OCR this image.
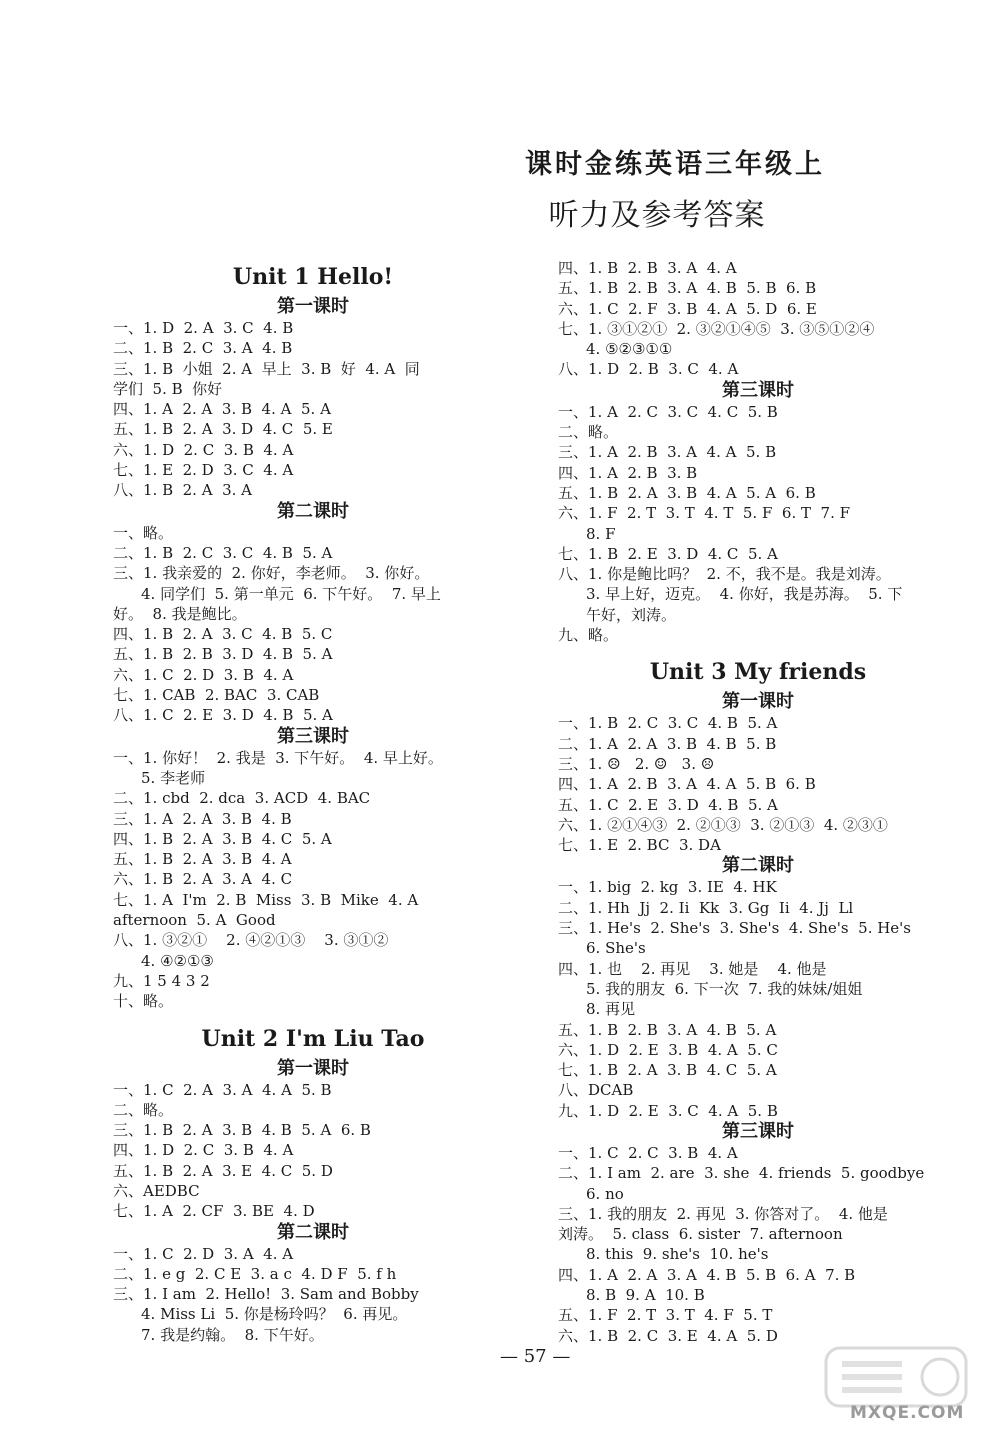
课时金练英语三年级上
听力及参考答案
Unit 1 Hello!
第一课时
一、1. D  2. A  3. C  4. B
二、1. B  2. C  3. A  4. B
三、1. B  小姐  2. A  早上  3. B  好  4. A  同
学们  5. B  你好
四、1. A  2. A  3. B  4. A  5. A
五、1. B  2. A  3. D  4. C  5. E
六、1. D  2. C  3. B  4. A
七、1. E  2. D  3. C  4. A
八、1. B  2. A  3. A
第二课时
一、略。
二、1. B  2. C  3. C  4. B  5. A
三、1. 我亲爱的  2. 你好，李老师。  3. 你好。
4. 同学们  5. 第一单元  6. 下午好。  7. 早上
好。  8. 我是鲍比。
四、1. B  2. A  3. C  4. B  5. C
五、1. B  2. B  3. D  4. B  5. A
六、1. C  2. D  3. B  4. A
七、1. CAB  2. BAC  3. CAB
八、1. C  2. E  3. D  4. B  5. A
第三课时
一、1. 你好！  2. 我是  3. 下午好。  4. 早上好。
5. 李老师
二、1. cbd  2. dca  3. ACD  4. BAC
三、1. A  2. A  3. B  4. B
四、1. B  2. A  3. B  4. C  5. A
五、1. B  2. A  3. B  4. A
六、1. B  2. A  3. A  4. C
七、1. A  I'm  2. B  Miss  3. B  Mike  4. A
afternoon  5. A  Good
八、1. ③②①    2. ④②①③    3. ③①②
4. ④②①③
九、1 5 4 3 2
十、略。
Unit 2 I'm Liu Tao
第一课时
一、1. C  2. A  3. A  4. A  5. B
二、略。
三、1. B  2. A  3. B  4. B  5. A  6. B
四、1. D  2. C  3. B  4. A
五、1. B  2. A  3. E  4. C  5. D
六、AEDBC
七、1. A  2. CF  3. BE  4. D
第二课时
一、1. C  2. D  3. A  4. A
二、1. e g  2. C E  3. a c  4. D F  5. f h
三、1. I am  2. Hello!  3. Sam and Bobby
4. Miss Li  5. 你是杨玲吗？  6. 再见。
7. 我是约翰。  8. 下午好。
四、1. B  2. B  3. A  4. A
五、1. B  2. B  3. A  4. B  5. B  6. B
六、1. C  2. F  3. B  4. A  5. D  6. E
七、1. ③①②①  2. ③②①④⑤  3. ③⑤①②④
4. ⑤②③①①
八、1. D  2. B  3. C  4. A
第三课时
一、1. A  2. C  3. C  4. C  5. B
二、略。
三、1. A  2. B  3. A  4. A  5. B
四、1. A  2. B  3. B
五、1. B  2. A  3. B  4. A  5. A  6. B
六、1. F  2. T  3. T  4. T  5. F  6. T  7. F
8. F
七、1. B  2. E  3. D  4. C  5. A
八、1. 你是鲍比吗？  2. 不，我不是。我是刘涛。
3. 早上好，迈克。  4. 你好，我是苏海。  5. 下
午好，刘涛。
九、略。
Unit 3 My friends
第一课时
一、1. B  2. C  3. C  4. B  5. A
二、1. A  2. A  3. B  4. B  5. B
三、1. ☹   2. ☺   3. ☹
四、1. A  2. B  3. A  4. A  5. B  6. B
五、1. C  2. E  3. D  4. B  5. A
六、1. ②①④③  2. ②①③  3. ②①③  4. ②③①
七、1. E  2. BC  3. DA
第二课时
一、1. big  2. kg  3. IE  4. HK
二、1. Hh  Jj  2. Ii  Kk  3. Gg  Ii  4. Jj  Ll
三、1. He's  2. She's  3. She's  4. She's  5. He's
6. She's
四、1. 也    2. 再见    3. 她是    4. 他是
5. 我的朋友  6. 下一次  7. 我的妹妹/姐姐
8. 再见
五、1. B  2. B  3. A  4. B  5. A
六、1. D  2. E  3. B  4. A  5. C
七、1. B  2. A  3. B  4. C  5. A
八、DCAB
九、1. D  2. E  3. C  4. A  5. B
第三课时
一、1. C  2. C  3. B  4. A
二、1. I am  2. are  3. she  4. friends  5. goodbye
6. no
三、1. 我的朋友  2. 再见  3. 你答对了。  4. 他是
刘涛。  5. class  6. sister  7. afternoon
8. this  9. she's  10. he's
四、1. A  2. A  3. A  4. B  5. B  6. A  7. B
8. B  9. A  10. B
五、1. F  2. T  3. T  4. F  5. T
六、1. B  2. C  3. E  4. A  5. D
— 57 —
MXQE.COM
